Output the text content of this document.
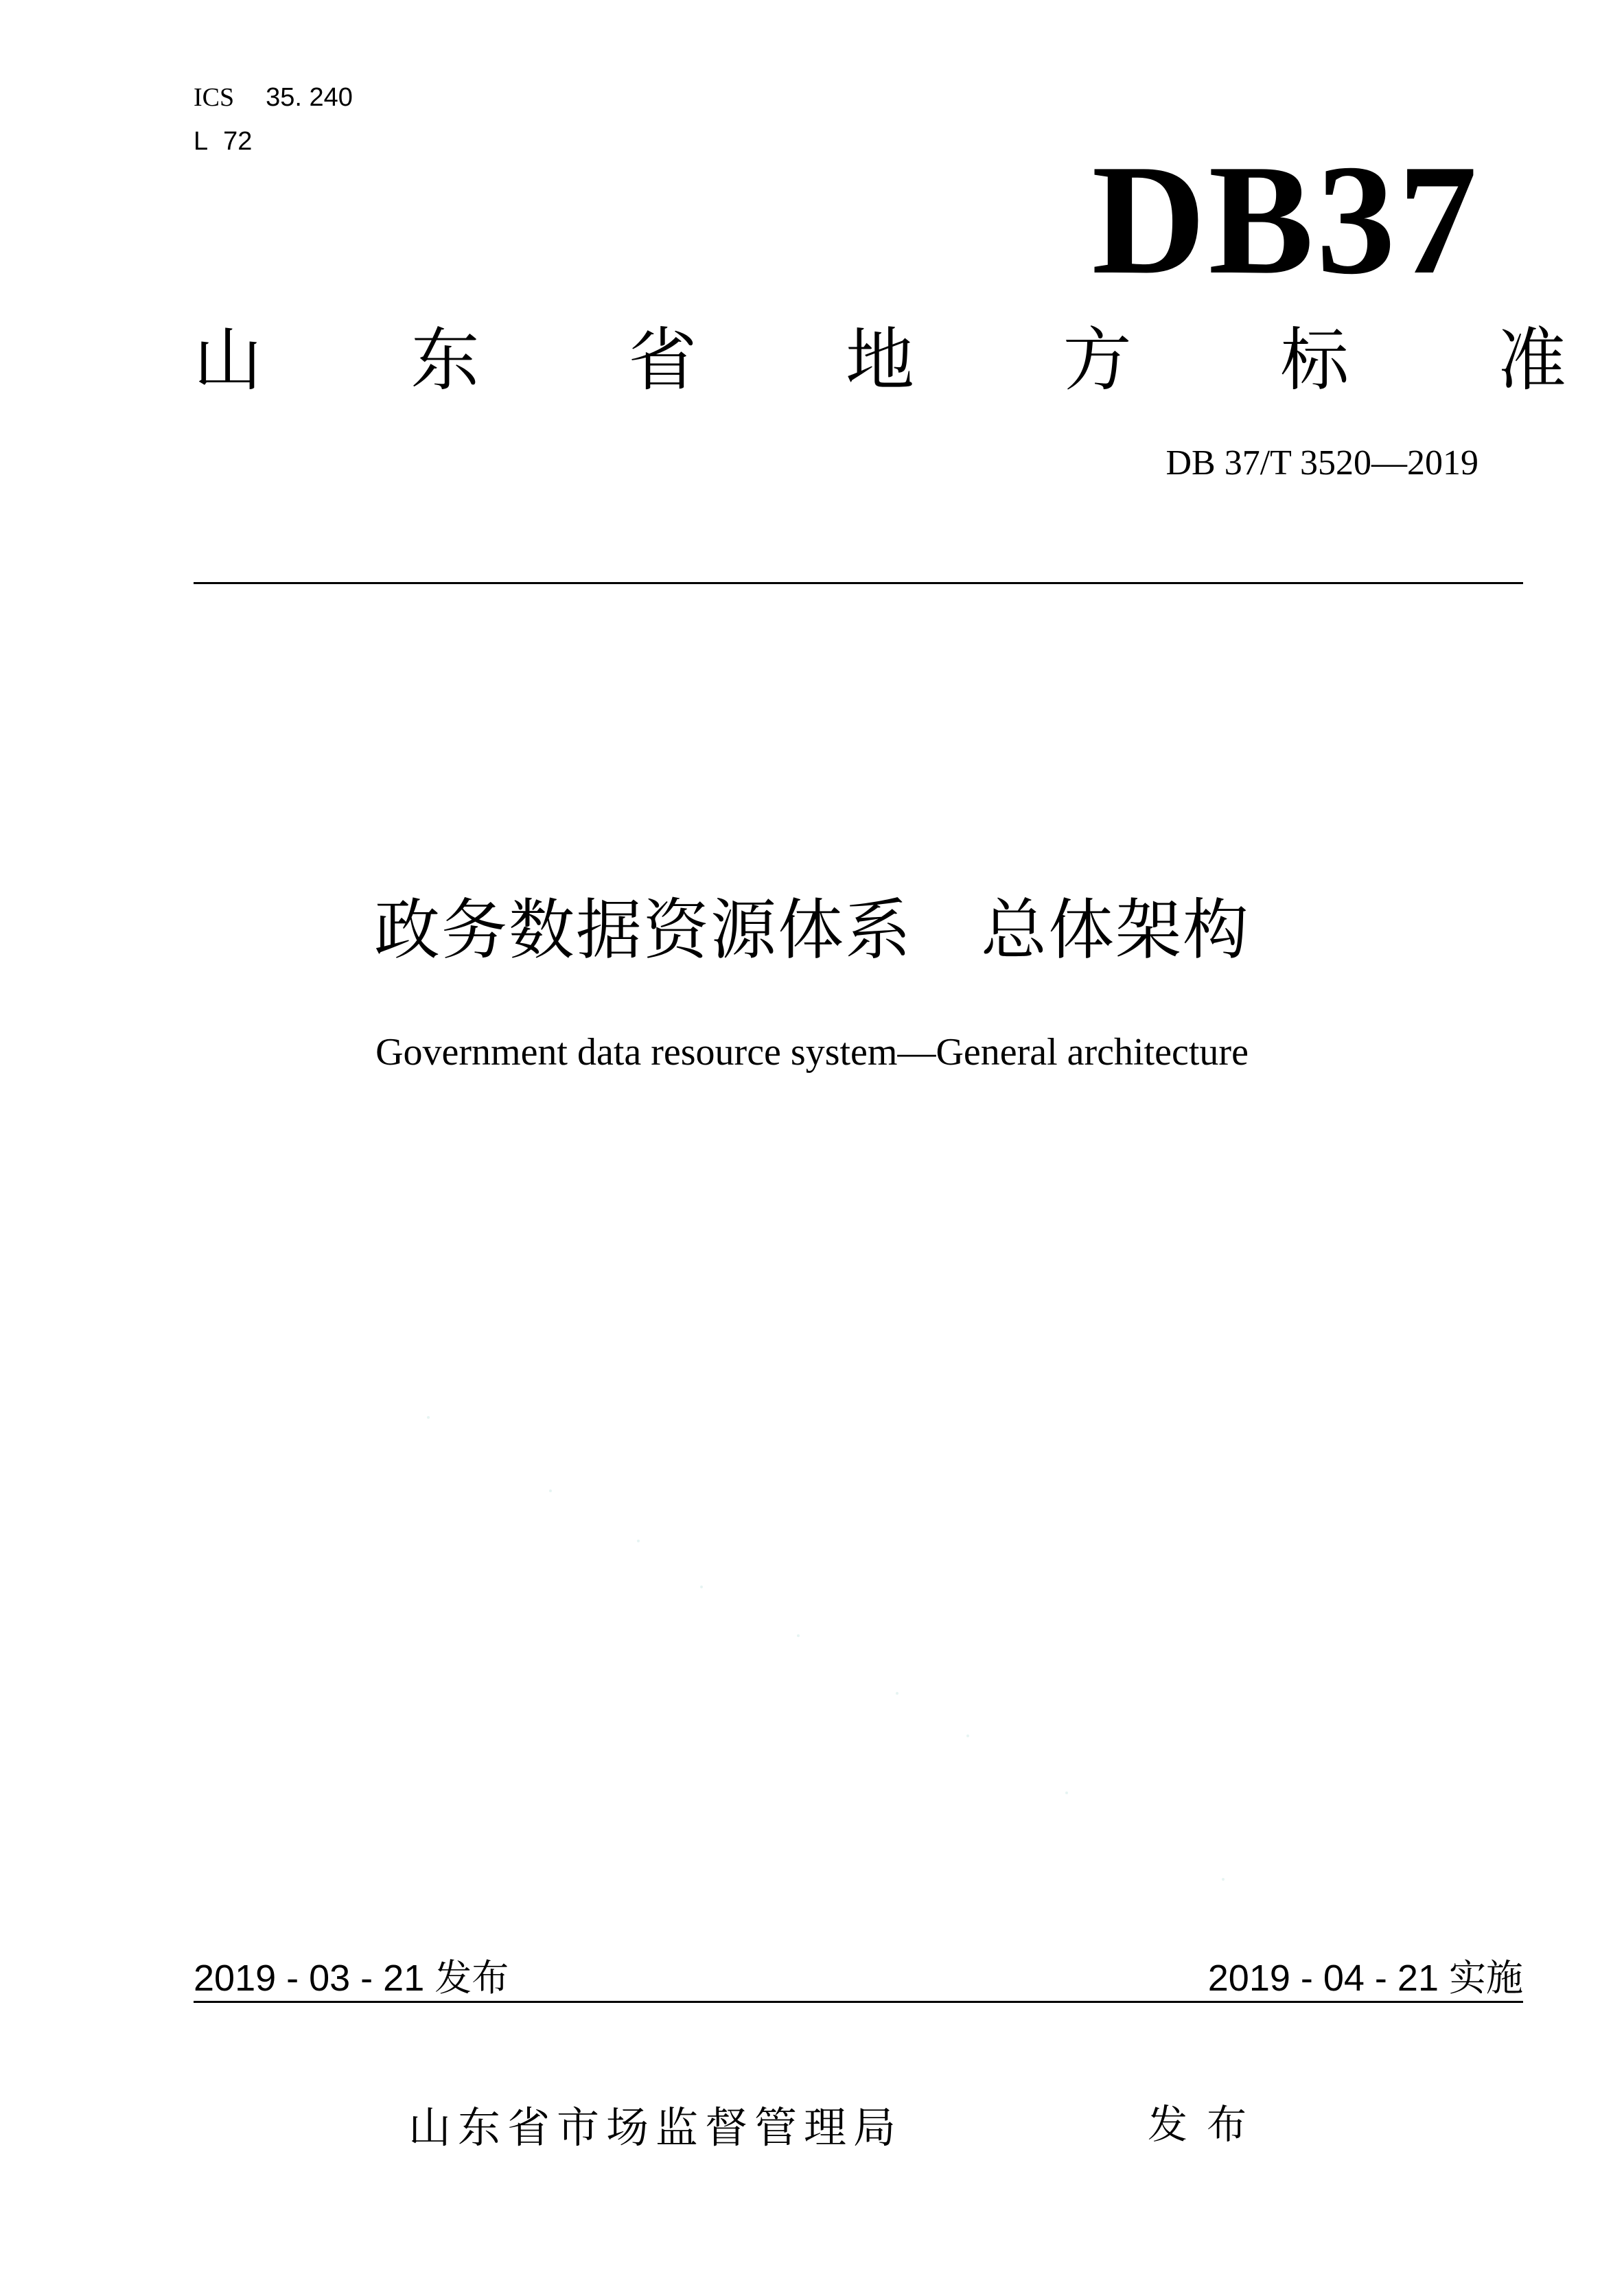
ICS 35. 240
L 72	DB37
山 东 省 地 方 标 准
DB 37/T 3520—2019
政务数据资源体系 总体架构
Government data resource system—General architecture
2019 - 03 - 21 发布	2019 - 04 - 21 实施
山东省市场监督管理局	发布
